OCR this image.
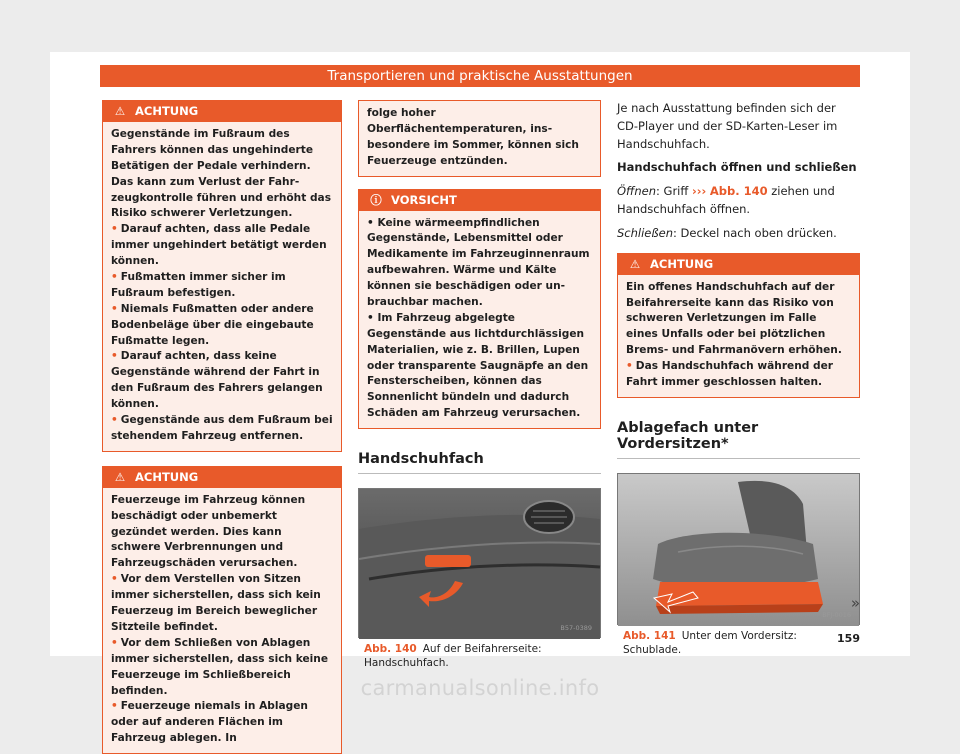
Transportieren und praktische Ausstattungen
⚠ ACHTUNG

Gegenstände im Fußraum des Fahrers können das ungehinderte Betätigen der Pedale verhindern. Das kann zum Verlust der Fahrzeugkontrolle führen und erhöht das Risiko schwerer Verletzungen.

• Darauf achten, dass alle Pedale immer ungehindert betätigt werden können.

• Fußmatten immer sicher im Fußraum befestigen.

• Niemals Fußmatten oder andere Bodenbeläge über die eingebaute Fußmatte legen.

• Darauf achten, dass keine Gegenstände während der Fahrt in den Fußraum des Fahrers gelangen können.

• Gegenstände aus dem Fußraum bei stehendem Fahrzeug entfernen.

⚠ ACHTUNG

Feuerzeuge im Fahrzeug können beschädigt oder unbemerkt gezündet werden. Dies kann schwere Verbrennungen und Fahrzeugschäden verursachen.

• Vor dem Verstellen von Sitzen immer sicherstellen, dass sich kein Feuerzeug im Bereich beweglicher Sitzteile befindet.

• Vor dem Schließen von Ablagen immer sicherstellen, dass sich keine Feuerzeuge im Schließbereich befinden.

• Feuerzeuge niemals in Ablagen oder auf anderen Flächen im Fahrzeug ablegen. In

folge hoher Oberflächentemperaturen, insbesondere im Sommer, können sich Feuerzeuge entzünden.

ⓘ VORSICHT

• Keine wärmeempfindlichen Gegenstände, Lebensmittel oder Medikamente im Fahrzeuginnenraum aufbewahren. Wärme und Kälte können sie beschädigen oder unbrauchbar machen.

• Im Fahrzeug abgelegte Gegenstände aus lichtdurchlässigen Materialien, wie z. B. Brillen, Lupen oder transparente Saugnäpfe an den Fensterscheiben, können das Sonnenlicht bündeln und dadurch Schäden am Fahrzeug verursachen.

Handschuhfach
B57-0389
Abb. 140 Auf der Beifahrerseite: Handschuhfach.

Je nach Ausstattung befinden sich der CD-Player und der SD-Karten-Leser im Handschuhfach.

Handschuhfach öffnen und schließen

Öffnen: Griff ››› Abb. 140 ziehen und Handschuhfach öffnen.

Schließen: Deckel nach oben drücken.

⚠ ACHTUNG

Ein offenes Handschuhfach auf der Beifahrerseite kann das Risiko von schweren Verletzungen im Falle eines Unfalls oder bei plötzlichen Brems- und Fahrmanövern erhöhen.

• Das Handschuhfach während der Fahrt immer geschlossen halten.

Ablagefach unter Vordersitzen*
BFJ-0016
Abb. 141 Unter dem Vordersitz: Schublade.
»
159
carmanualsonline.info
